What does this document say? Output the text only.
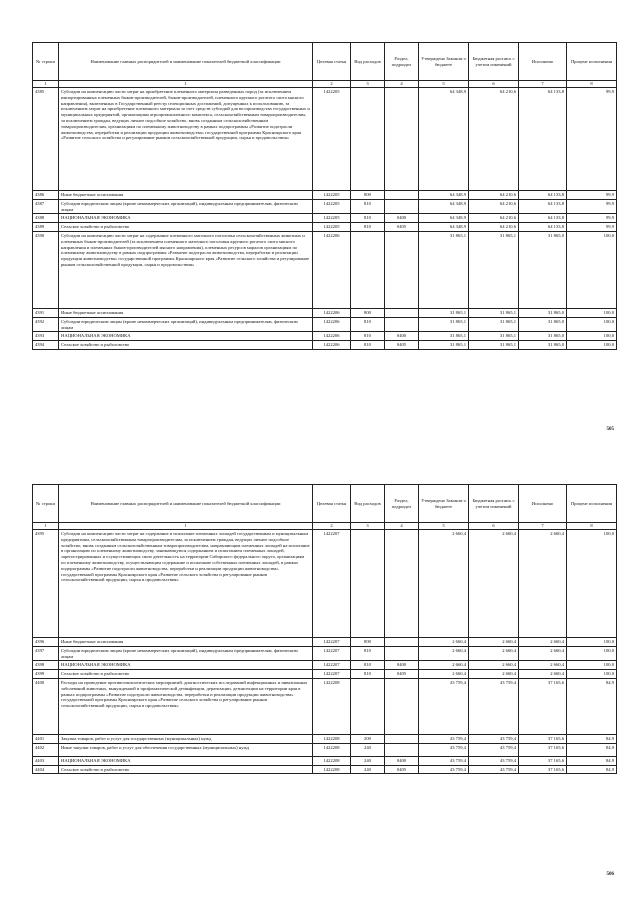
№ строки	Наименование главных распорядителей и наименование показателей бюджетной классификации	Целевая статья	Вид расходов	Раздел, подраздел	Утверждено Законом о бюджете	Бюджетная роспись с учетом изменений	Исполнено	Процент исполнения
1	1	2	3	4	5	6	7	8
4385	Субсидии на компенсацию части затрат на приобретение племенного материала разведенных пород (за исключением импортированных племенных быков-производителей, быков-производителей, племенного крупного рогатого скота мясного направления), включенных в Государственный реестр селекционных достижений, допущенных к использованию, за исключением затрат на приобретение племенного материала за счет средств субсидий для воспроизводства государственных и муниципальных предприятий, организациям агропромышленного комплекса, сельскохозяйственным товаропроизводителям, за исключением граждан, ведущих личное подсобное хозяйство, вновь созданным сельскохозяйственным товаропроизводителям, организациям по племенному животноводству в рамках подпрограммы «Развитие подотрасли животноводства, переработки и реализации продукции животноводства» государственной программы Красноярского края «Развитие сельского хозяйства и регулирование рынков сельскохозяйственной продукции, сырья и продовольствия»	1422205			64 348,9	64 210,6	64 133,8	99,9
4386	Иные бюджетные ассигнования	1422205	800		64 348,9	64 210,6	64 133,8	99,9
4387	Субсидии юридическим лицам (кроме некоммерческих организаций), индивидуальным предпринимателям, физическим лицам	1422205	810		64 348,9	64 210,6	64 133,8	99,9
4388	НАЦИОНАЛЬНАЯ ЭКОНОМИКА	1422205	810	0400	64 348,9	64 210,6	64 133,8	99,9
4389	Сельское хозяйство и рыболовство	1422205	810	0405	64 348,9	64 210,6	64 133,8	99,9
4390	Субсидии на компенсацию части затрат на содержание племенного маточного поголовья сельскохозяйственных животных и племенных быков-производителей (за исключением племенного маточного поголовья крупного рогатого скота мясного направления и племенных быков-производителей мясного направления), племенных ресурсов маралов организациям по племенному животноводству в рамках подпрограммы «Развитие подотрасли животноводства, переработки и реализации продукции животноводства» государственной программы Красноярского края «Развитие сельского хозяйства и регулирование рынков сельскохозяйственной продукции, сырья и продовольствия»	1422206			31 865,1	31 865,1	31 865,0	100,0
4391	Иные бюджетные ассигнования	1422206	800		31 865,1	31 865,1	31 865,0	100,0
4392	Субсидии юридическим лицам (кроме некоммерческих организаций), индивидуальным предпринимателям, физическим лицам	1422206	810		31 865,1	31 865,1	31 865,0	100,0
4393	НАЦИОНАЛЬНАЯ ЭКОНОМИКА	1422206	810	0400	31 865,1	31 865,1	31 865,0	100,0
4394	Сельское хозяйство и рыболовство	1422206	810	0405	31 865,1	31 865,1	31 865,0	100,0
505
№ строки	Наименование главных распорядителей и наименование показателей бюджетной классификации	Целевая статья	Вид расходов	Раздел, подраздел	Утверждено Законом о бюджете	Бюджетная роспись с учетом изменений	Исполнено	Процент исполнения
1	1	2	3	4	5	6	7	8
4395	Субсидии на компенсацию части затрат на содержание и испытание племенных лошадей государственным и муниципальным предприятиям, сельскохозяйственным товаропроизводителям, за исключением граждан, ведущих личное подсобное хозяйство, вновь созданным сельскохозяйственным товаропроизводителям, направляющим племенных лошадей на испытание в организацию по племенному животноводству, занимающуюся содержанием и испытанием племенных лошадей, зарегистрированных и осуществляющих свою деятельность на территории Сибирского федерального округа, организациям по племенному животноводству, осуществляющим содержание и испытание собственных племенных лошадей, в рамках подпрограммы «Развитие подотрасли животноводства, переработки и реализации продукции животноводства» государственной программы Красноярского края «Развитие сельского хозяйства и регулирование рынков сельскохозяйственной продукции, сырья и продовольствия»	1422207			2 660,4	2 660,4	2 660,4	100,0
4396	Иные бюджетные ассигнования	1422207	800		2 660,4	2 660,4	2 660,4	100,0
4397	Субсидии юридическим лицам (кроме некоммерческих организаций), индивидуальным предпринимателям, физическим лицам	1422207	810		2 660,4	2 660,4	2 660,4	100,0
4398	НАЦИОНАЛЬНАЯ ЭКОНОМИКА	1422207	810	0400	2 660,4	2 660,4	2 660,4	100,0
4399	Сельское хозяйство и рыболовство	1422207	810	0405	2 660,4	2 660,4	2 660,4	100,0
4400	Расходы на проведение противоэпизоотических мероприятий, диагностических исследований инфекционных и инвазионных заболеваний животных, вынужденной и профилактической дезинфекции, дератизации, дезинсекции на территории края в рамках подпрограммы «Развитие подотрасли животноводства, переработки и реализации продукции животноводства» государственной программы Красноярского края «Развитие сельского хозяйства и регулирование рынков сельскохозяйственной продукции, сырья и продовольствия»	1422208			43 759,4	43 759,4	37 165,6	84,9
4401	Закупка товаров, работ и услуг для государственных (муниципальных) нужд	1422208	200		43 759,4	43 759,4	37 165,6	84,9
4402	Иные закупки товаров, работ и услуг для обеспечения государственных (муниципальных) нужд	1422208	240		43 759,4	43 759,4	37 165,6	84,9
4403	НАЦИОНАЛЬНАЯ ЭКОНОМИКА	1422208	240	0400	43 759,4	43 759,4	37 165,6	84,9
4404	Сельское хозяйство и рыболовство	1422208	240	0405	43 759,4	43 759,4	37 165,6	84,9
506
